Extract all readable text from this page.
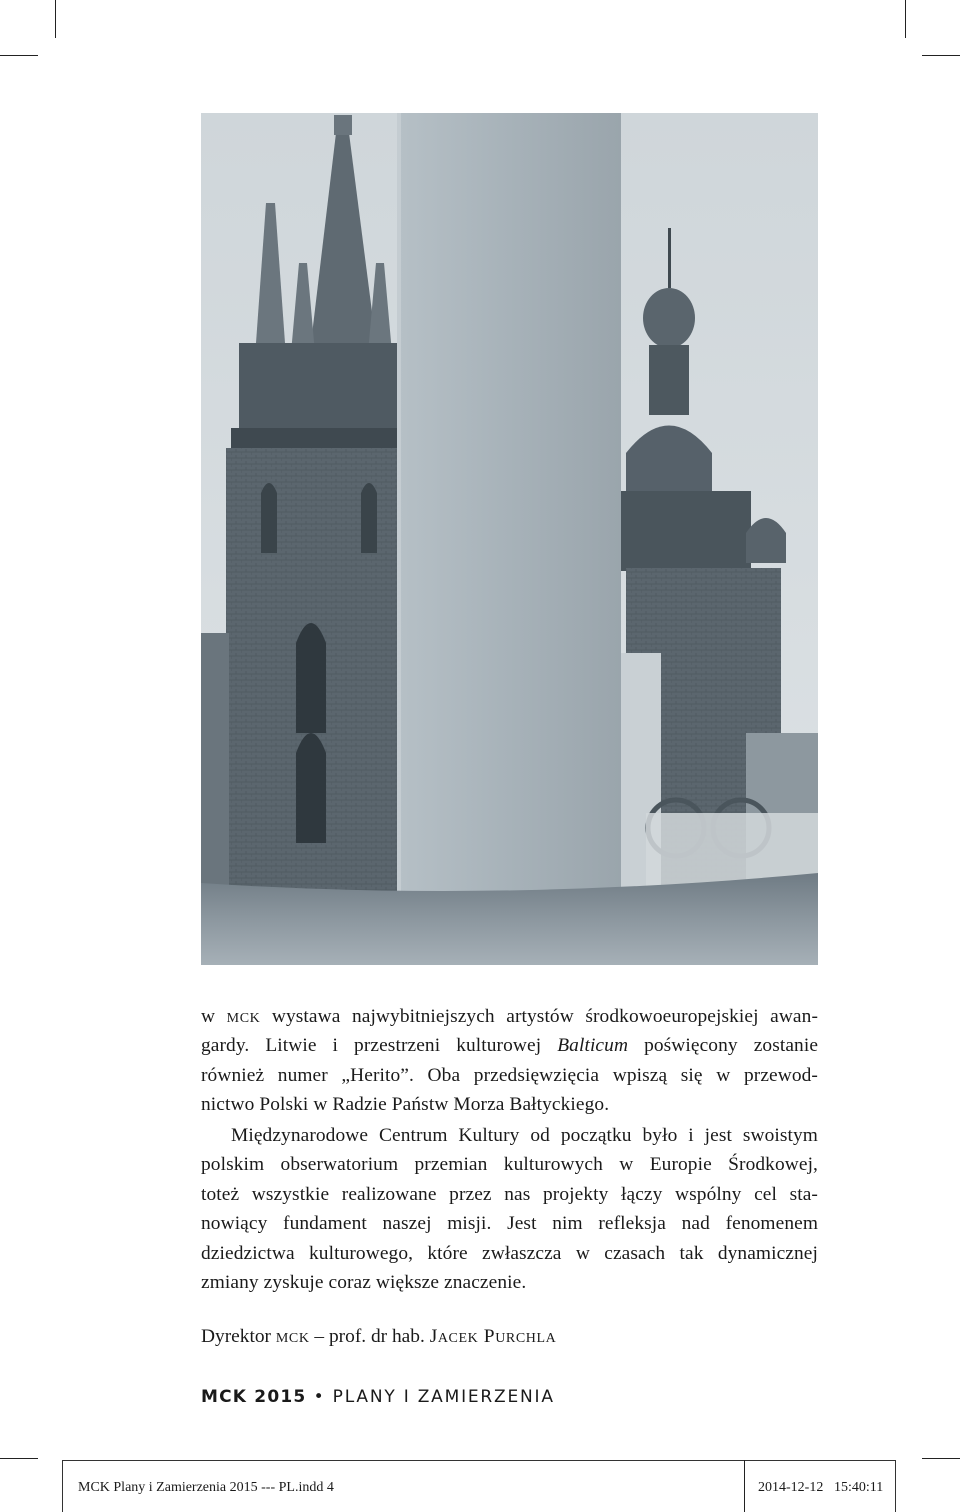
w mck wystawa najwybitniejszych artystów środkowoeuropejskiej awan-
gardy. Litwie i przestrzeni kulturowej Balticum poświęcony zostanie
również numer „Herito”. Oba przedsięwzięcia wpiszą się w przewod-
nictwo Polski w Radzie Państw Morza Bałtyckiego.
Międzynarodowe Centrum Kultury od początku było i jest swoistym
polskim obserwatorium przemian kulturowych w Europie Środkowej,
toteż wszystkie realizowane przez nas projekty łączy wspólny cel sta-
nowiący fundament naszej misji. Jest nim refleksja nad fenomenem
dziedzictwa kulturowego, które zwłaszcza w czasach tak dynamicznej
zmiany zyskuje coraz większe znaczenie.
Dyrektor mck – prof. dr hab. Jacek Purchla
MCK 2015 • PLANY I ZAMIERZENIA
MCK Plany i Zamierzenia 2015 --- PL.indd 4	2014-12-12 15:40:11
